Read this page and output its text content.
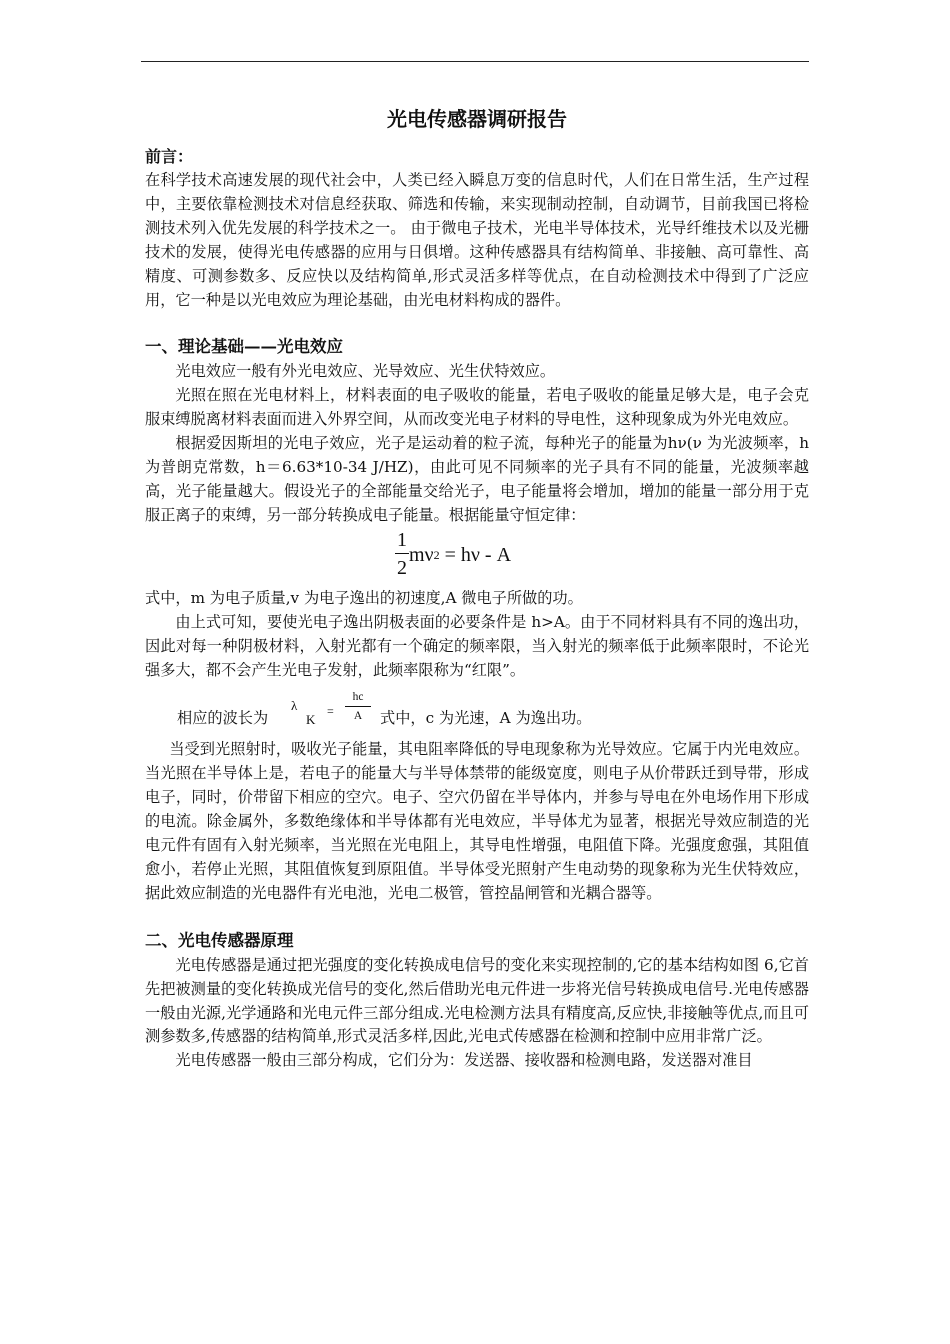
光电传感器调研报告
前言：

在科学技术高速发展的现代社会中，人类已经入瞬息万变的信息时代，人们在日常生活，生产过程中，主要依靠检测技术对信息经获取、筛选和传输，来实现制动控制，自动调节，目前我国已将检测技术列入优先发展的科学技术之一。 由于微电子技术，光电半导体技术，光导纤维技术以及光栅技术的发展，使得光电传感器的应用与日俱增。这种传感器具有结构简单、非接触、高可靠性、高精度、可测参数多、反应快以及结构简单,形式灵活多样等优点，在自动检测技术中得到了广泛应用，它一种是以光电效应为理论基础，由光电材料构成的器件。

一、理论基础——光电效应

光电效应一般有外光电效应、光导效应、光生伏特效应。

光照在照在光电材料上，材料表面的电子吸收的能量，若电子吸收的能量足够大是，电子会克服束缚脱离材料表面而进入外界空间，从而改变光电子材料的导电性，这种现象成为外光电效应。

根据爱因斯坦的光电子效应，光子是运动着的粒子流，每种光子的能量为hν(ν 为光波频率，h 为普朗克常数，h＝6.63*10-34 J/HZ)，由此可见不同频率的光子具有不同的能量，光波频率越高，光子能量越大。假设光子的全部能量交给光子，电子能量将会增加，增加的能量一部分用于克服正离子的束缚，另一部分转换成电子能量。根据能量守恒定律：

1
2
$m\nu^2 = h\nu - A$

式中，m 为电子质量,v 为电子逸出的初速度,A 微电子所做的功。

由上式可知，要使光电子逸出阴极表面的必要条件是 h>A。由于不同材料具有不同的逸出功，因此对每一种阴极材料，入射光都有一个确定的频率限，当入射光的频率低于此频率限时，不论光强多大，都不会产生光电子发射，此频率限称为“红限”。

相应的波长为
λ
K
=
hc
A	式中，c 为光速，A 为逸出功。

当受到光照射时，吸收光子能量，其电阻率降低的导电现象称为光导效应。它属于内光电效应。当光照在半导体上是，若电子的能量大与半导体禁带的能级宽度，则电子从价带跃迁到导带，形成电子，同时，价带留下相应的空穴。电子、空穴仍留在半导体内，并参与导电在外电场作用下形成的电流。除金属外，多数绝缘体和半导体都有光电效应，半导体尤为显著，根据光导效应制造的光电元件有固有入射光频率，当光照在光电阻上，其导电性增强，电阻值下降。光强度愈强，其阻值愈小，若停止光照，其阻值恢复到原阻值。半导体受光照射产生电动势的现象称为光生伏特效应，据此效应制造的光电器件有光电池，光电二极管，管控晶闸管和光耦合器等。

二、光电传感器原理

光电传感器是通过把光强度的变化转换成电信号的变化来实现控制的,它的基本结构如图 6,它首先把被测量的变化转换成光信号的变化,然后借助光电元件进一步将光信号转换成电信号.光电传感器一般由光源,光学通路和光电元件三部分组成.光电检测方法具有精度高,反应快,非接触等优点,而且可测参数多,传感器的结构简单,形式灵活多样,因此,光电式传感器在检测和控制中应用非常广泛。

光电传感器一般由三部分构成，它们分为：发送器、接收器和检测电路，发送器对准目
